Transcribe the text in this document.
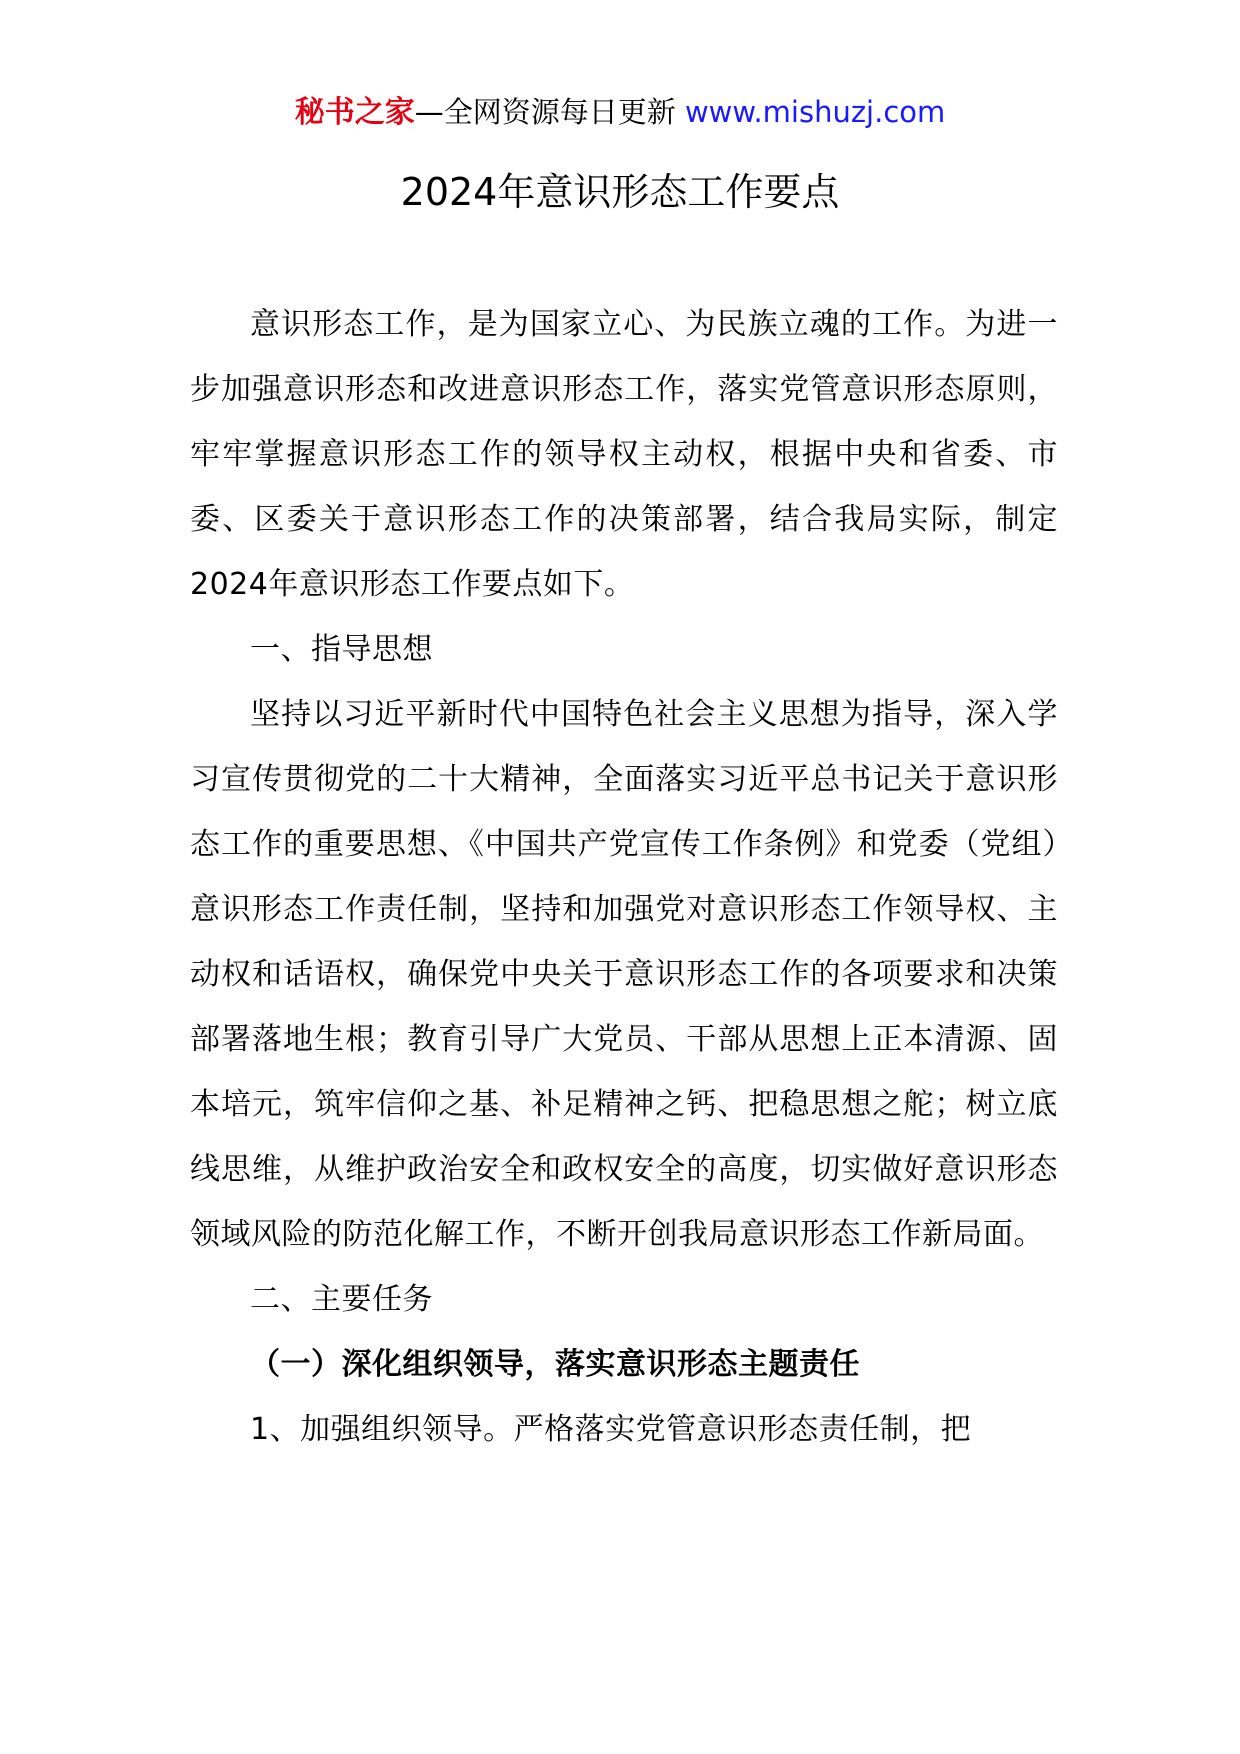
秘书之家—全网资源每日更新 www.mishuzj.com
2024年意识形态工作要点

意识形态工作，是为国家立心、为民族立魂的工作。为进一步加强意识形态和改进意识形态工作，落实党管意识形态原则，牢牢掌握意识形态工作的领导权主动权，根据中央和省委、市委、区委关于意识形态工作的决策部署，结合我局实际，制定2024年意识形态工作要点如下。

一、指导思想

坚持以习近平新时代中国特色社会主义思想为指导，深入学习宣传贯彻党的二十大精神，全面落实习近平总书记关于意识形态工作的重要思想、《中国共产党宣传工作条例》和党委（党组）意识形态工作责任制，坚持和加强党对意识形态工作领导权、主动权和话语权，确保党中央关于意识形态工作的各项要求和决策部署落地生根；教育引导广大党员、干部从思想上正本清源、固本培元，筑牢信仰之基、补足精神之钙、把稳思想之舵；树立底线思维，从维护政治安全和政权安全的高度，切实做好意识形态领域风险的防范化解工作，不断开创我局意识形态工作新局面。

二、主要任务

（一）深化组织领导，落实意识形态主题责任

1、加强组织领导。严格落实党管意识形态责任制，把
